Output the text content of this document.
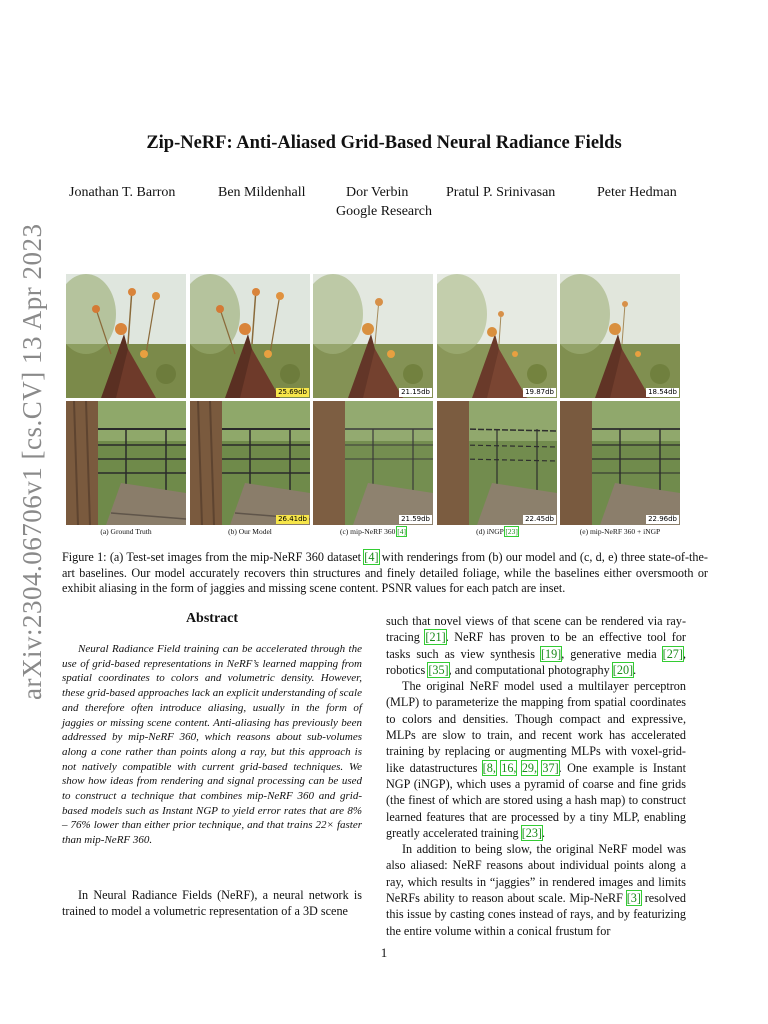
arXiv:2304.06706v1 [cs.CV] 13 Apr 2023
Zip-NeRF: Anti-Aliased Grid-Based Neural Radiance Fields
Jonathan T. Barron	Ben Mildenhall	Dor Verbin	Pratul P. Srinivasan	Peter Hedman
Google Research
25.69db	21.15db	19.87db	18.54db
26.41db	21.59db	22.45db	22.96db
(a) Ground Truth	(b) Our Model	(c) mip-NeRF 360 [4]	(d) iNGP [23]	(e) mip-NeRF 360 + iNGP
Figure 1: (a) Test-set images from the mip-NeRF 360 dataset [4] with renderings from (b) our model and (c, d, e) three state-of-the-art baselines. Our model accurately recovers thin structures and finely detailed foliage, while the baselines either oversmooth or exhibit aliasing in the form of jaggies and missing scene content. PSNR values for each patch are inset.
Abstract

Neural Radiance Field training can be accelerated through the use of grid-based representations in NeRF’s learned mapping from spatial coordinates to colors and volumetric density. However, these grid-based approaches lack an explicit understanding of scale and therefore often introduce aliasing, usually in the form of jaggies or missing scene content. Anti-aliasing has previously been addressed by mip-NeRF 360, which reasons about sub-volumes along a cone rather than points along a ray, but this approach is not natively compatible with current grid-based techniques. We show how ideas from rendering and signal processing can be used to construct a technique that combines mip-NeRF 360 and grid-based models such as Instant NGP to yield error rates that are 8% – 76% lower than either prior technique, and that trains 22× faster than mip-NeRF 360.

In Neural Radiance Fields (NeRF), a neural network is trained to model a volumetric representation of a 3D scene

such that novel views of that scene can be rendered via ray-tracing [21]. NeRF has proven to be an effective tool for tasks such as view synthesis [19], generative media [27], robotics [35], and computational photography [20].

The original NeRF model used a multilayer perceptron (MLP) to parameterize the mapping from spatial coordinates to colors and densities. Though compact and expressive, MLPs are slow to train, and recent work has accelerated training by replacing or augmenting MLPs with voxel-grid-like datastructures [8, 16, 29, 37]. One example is Instant NGP (iNGP), which uses a pyramid of coarse and fine grids (the finest of which are stored using a hash map) to construct learned features that are processed by a tiny MLP, enabling greatly accelerated training [23].

In addition to being slow, the original NeRF model was also aliased: NeRF reasons about individual points along a ray, which results in “jaggies” in rendered images and limits NeRFs ability to reason about scale. Mip-NeRF [3] resolved this issue by casting cones instead of rays, and by featurizing the entire volume within a conical frustum for

1
